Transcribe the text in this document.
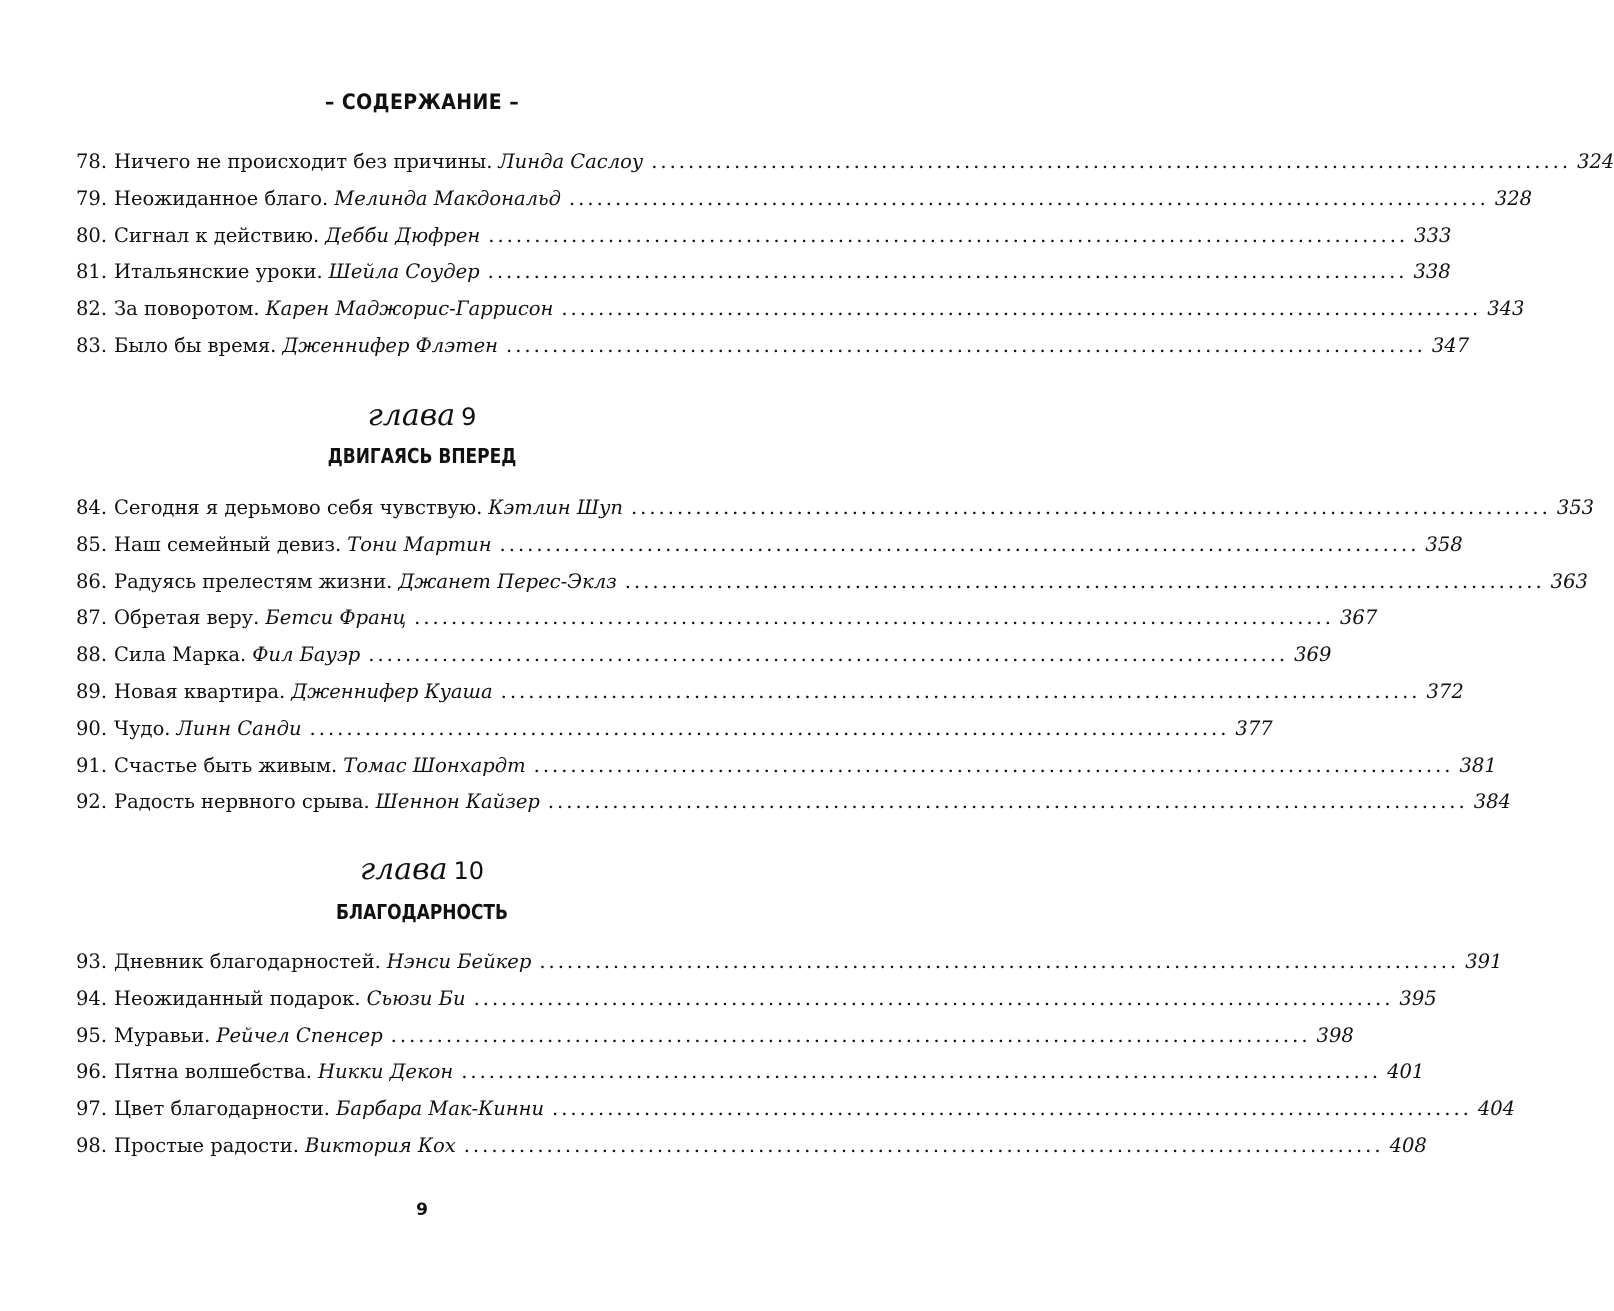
– СОДЕРЖАНИЕ –
78. Ничего не происходит без причины. Линда Саслоу .................................................................................................... 324
79. Неожиданное благо. Мелинда Макдональд .................................................................................................... 328
80. Сигнал к действию. Дебби Дюфрен .................................................................................................... 333
81. Итальянские уроки. Шейла Соудер .................................................................................................... 338
82. За поворотом. Карен Маджорис-Гаррисон .................................................................................................... 343
83. Было бы время. Дженнифер Флэтен .................................................................................................... 347
глава 9
ДВИГАЯСЬ ВПЕРЕД
84. Сегодня я дерьмово себя чувствую. Кэтлин Шуп .................................................................................................... 353
85. Наш семейный девиз. Тони Мартин .................................................................................................... 358
86. Радуясь прелестям жизни. Джанет Перес-Эклз .................................................................................................... 363
87. Обретая веру. Бетси Франц .................................................................................................... 367
88. Сила Марка. Фил Бауэр .................................................................................................... 369
89. Новая квартира. Дженнифер Куаша .................................................................................................... 372
90. Чудо. Линн Санди .................................................................................................... 377
91. Счастье быть живым. Томас Шонхардт .................................................................................................... 381
92. Радость нервного срыва. Шеннон Кайзер .................................................................................................... 384
глава 10
БЛАГОДАРНОСТЬ
93. Дневник благодарностей. Нэнси Бейкер .................................................................................................... 391
94. Неожиданный подарок. Сьюзи Би .................................................................................................... 395
95. Муравьи. Рейчел Спенсер .................................................................................................... 398
96. Пятна волшебства. Никки Декон .................................................................................................... 401
97. Цвет благодарности. Барбара Мак-Кинни .................................................................................................... 404
98. Простые радости. Виктория Кох .................................................................................................... 408
9
